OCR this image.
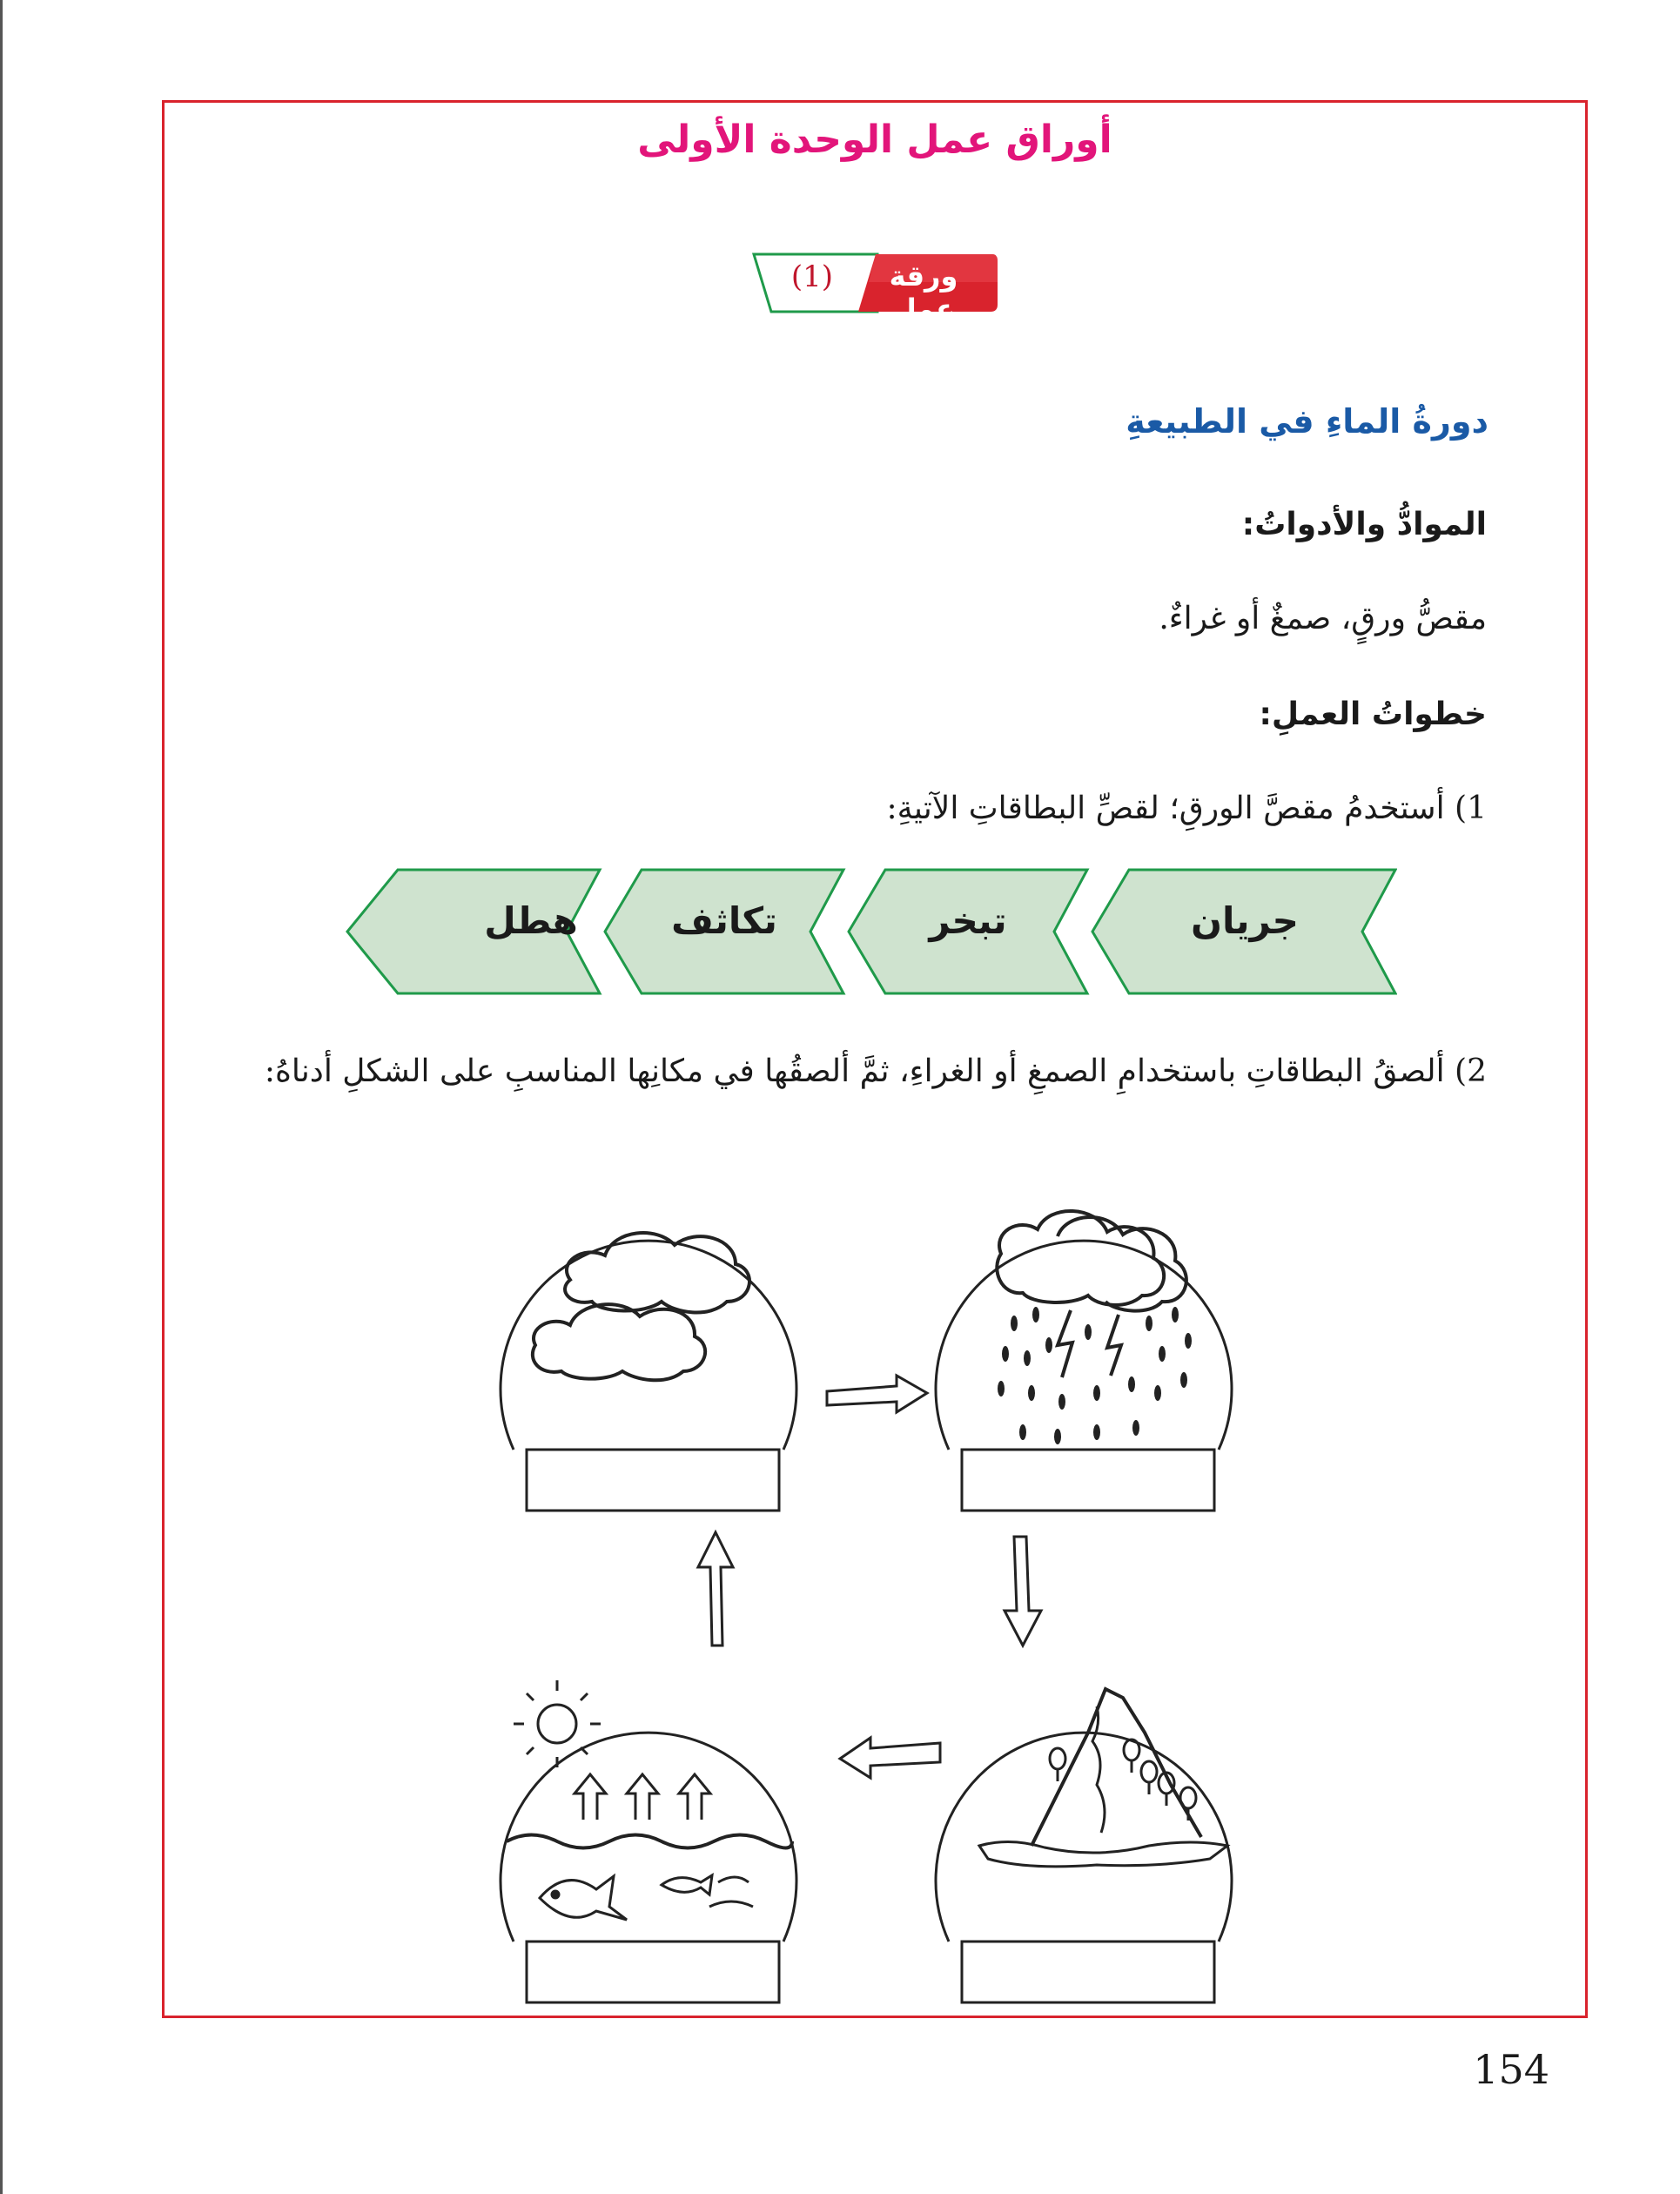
أوراق عمل الوحدة الأولى
(1)	ورقة عمل
دورةُ الماءِ في الطبيعةِ
الموادُّ والأدواتُ:
مقصُّ ورقٍ، صمغٌ أو غراءٌ.
خطواتُ العملِ:
1) أستخدمُ مقصَّ الورقِ؛ لقصِّ البطاقاتِ الآتيةِ:
جريان
تبخر
تكاثف
هطل
2) ألصقُ البطاقاتِ باستخدامِ الصمغِ أو الغراءِ، ثمَّ ألصقُها في مكانِها المناسبِ على الشكلِ أدناهُ:
154
